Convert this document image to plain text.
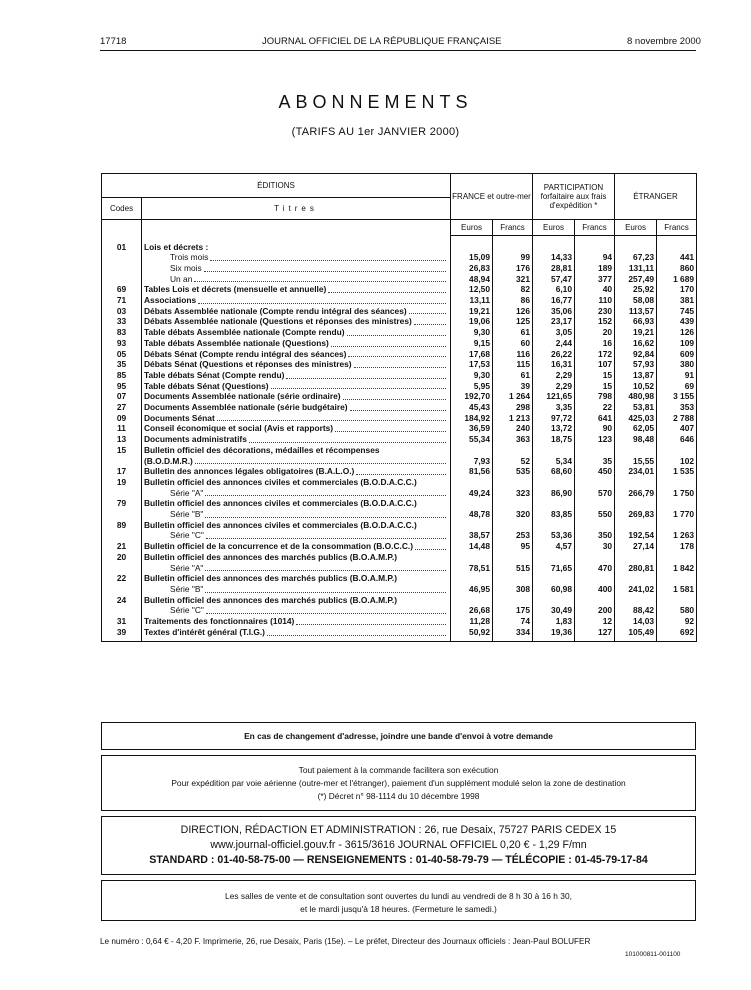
17718	JOURNAL OFFICIEL DE LA RÉPUBLIQUE FRANÇAISE	8 novembre 2000
ABONNEMENTS
(TARIFS AU 1er JANVIER 2000)
ÉDITIONS		FRANCE et outre-mer		PARTICIPATION forfaitaire aux frais d'expédition *		ÉTRANGER	
Codes	Titres						
		Euros	Francs	Euros	Francs	Euros	Francs

01	Lois et décrets :						

	Trois mois	15,09	99	14,33	94	67,23	441

	Six mois	26,83	176	28,81	189	131,11	860

	Un an	48,94	321	57,47	377	257,49	1 689
69	Tables Lois et décrets (mensuelle et annuelle)	12,50	82	6,10	40	25,92	170
71	Associations	13,11	86	16,77	110	58,08	381
03	Débats Assemblée nationale (Compte rendu intégral des séances)	19,21	126	35,06	230	113,57	745
33	Débats Assemblée nationale (Questions et réponses des ministres)	19,06	125	23,17	152	66,93	439
83	Table débats Assemblée nationale (Compte rendu)	9,30	61	3,05	20	19,21	126
93	Table débats Assemblée nationale (Questions)	9,15	60	2,44	16	16,62	109
05	Débats Sénat (Compte rendu intégral des séances)	17,68	116	26,22	172	92,84	609
35	Débats Sénat (Questions et réponses des ministres)	17,53	115	16,31	107	57,93	380
85	Table débats Sénat (Compte rendu)	9,30	61	2,29	15	13,87	91
95	Table débats Sénat (Questions)	5,95	39	2,29	15	10,52	69
07	Documents Assemblée nationale (série ordinaire)	192,70	1 264	121,65	798	480,98	3 155
27	Documents Assemblée nationale (série budgétaire)	45,43	298	3,35	22	53,81	353
09	Documents Sénat	184,92	1 213	97,72	641	425,03	2 788
11	Conseil économique et social (Avis et rapports)	36,59	240	13,72	90	62,05	407
13	Documents administratifs	55,34	363	18,75	123	98,48	646
15	Bulletin officiel des décorations, médailles et récompenses						

	(B.O.D.M.R.)	7,93	52	5,34	35	15,55	102
17	Bulletin des annonces légales obligatoires (B.A.L.O.)	81,56	535	68,60	450	234,01	1 535
19	Bulletin officiel des annonces civiles et commerciales (B.O.D.A.C.C.)						

	Série "A"	49,24	323	86,90	570	266,79	1 750
79	Bulletin officiel des annonces civiles et commerciales (B.O.D.A.C.C.)						

	Série "B"	48,78	320	83,85	550	269,83	1 770
89	Bulletin officiel des annonces civiles et commerciales (B.O.D.A.C.C.)						

	Série "C"	38,57	253	53,36	350	192,54	1 263
21	Bulletin officiel de la concurrence et de la consommation (B.O.C.C.)	14,48	95	4,57	30	27,14	178
20	Bulletin officiel des annonces des marchés publics (B.O.A.M.P.)						

	Série "A"	78,51	515	71,65	470	280,81	1 842
22	Bulletin officiel des annonces des marchés publics (B.O.A.M.P.)						

	Série "B"	46,95	308	60,98	400	241,02	1 581
24	Bulletin officiel des annonces des marchés publics (B.O.A.M.P.)						

	Série "C"	26,68	175	30,49	200	88,42	580
31	Traitements des fonctionnaires (1014)	11,28	74	1,83	12	14,03	92
39	Textes d'intérêt général (T.I.G.)	50,92	334	19,36	127	105,49	692

En cas de changement d'adresse, joindre une bande d'envoi à votre demande
Tout paiement à la commande facilitera son exécution
Pour expédition par voie aérienne (outre-mer et l'étranger), paiement d'un supplément modulé selon la zone de destination
(*) Décret n° 98-1114 du 10 décembre 1998
DIRECTION, RÉDACTION ET ADMINISTRATION : 26, rue Desaix, 75727 PARIS CEDEX 15
www.journal-officiel.gouv.fr - 3615/3616 JOURNAL OFFICIEL 0,20 € - 1,29 F/mn
STANDARD : 01-40-58-75-00 — RENSEIGNEMENTS : 01-40-58-79-79 — TÉLÉCOPIE : 01-45-79-17-84
Les salles de vente et de consultation sont ouvertes du lundi au vendredi de 8 h 30 à 16 h 30,
et le mardi jusqu'à 18 heures. (Fermeture le samedi.)
Le numéro : 0,64 € - 4,20 F. Imprimerie, 26, rue Desaix, Paris (15e). – Le préfet, Directeur des Journaux officiels : Jean-Paul BOLUFER
101000811-001100
